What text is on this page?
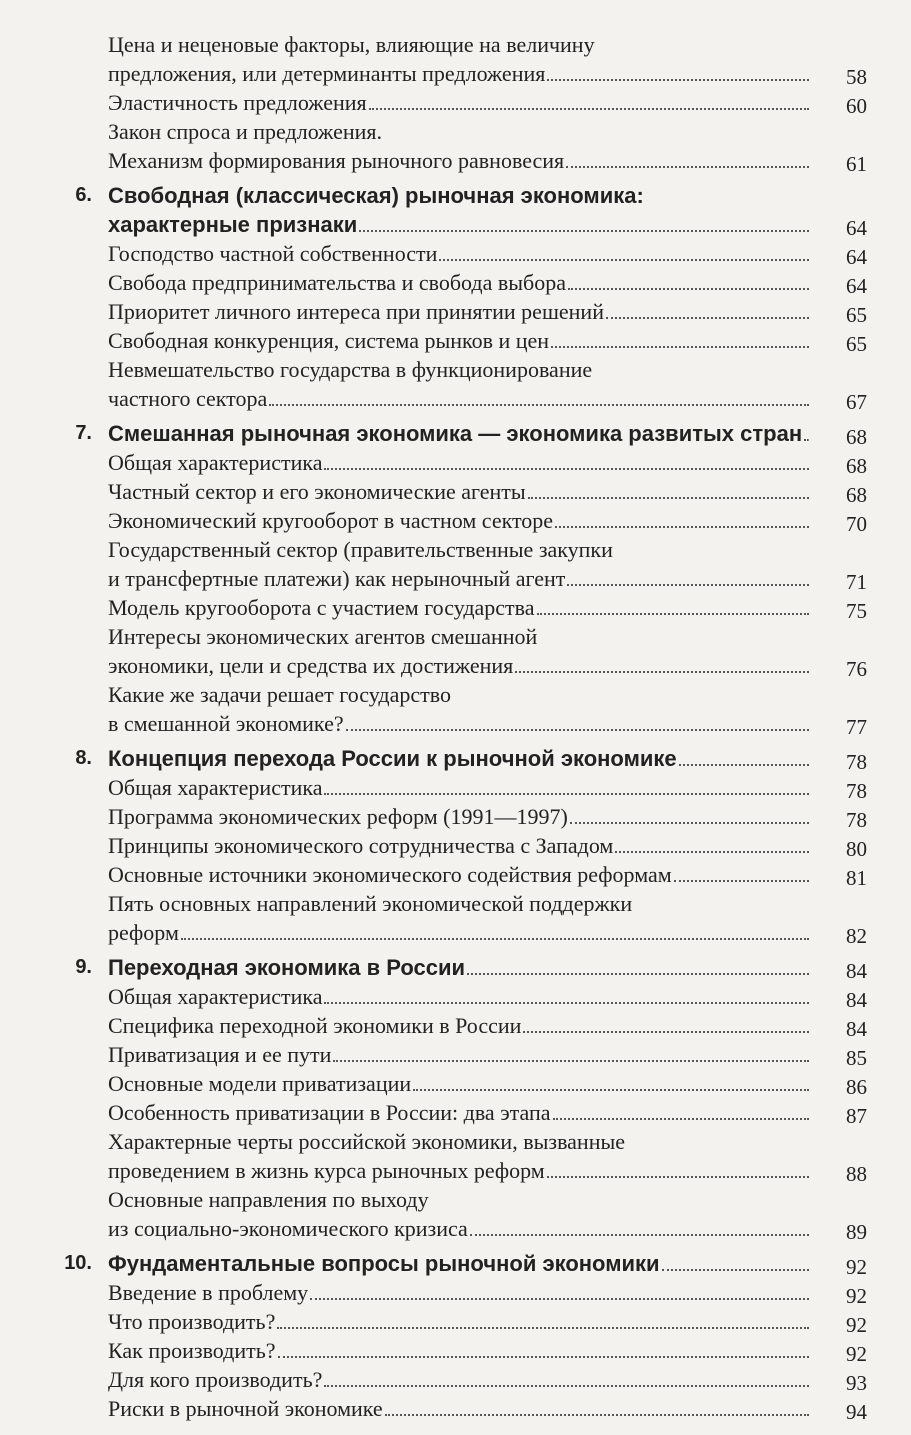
Цена и неценовые факторы, влияющие на величину
предложения, или детерминанты предложения	58
Эластичность предложения	60
Закон спроса и предложения.
Механизм формирования рыночного равновесия	61
6. Свободная (классическая) рыночная экономика:
характерные признаки	64
Господство частной собственности	64
Свобода предпринимательства и свобода выбора	64
Приоритет личного интереса при принятии решений	65
Свободная конкуренция, система рынков и цен	65
Невмешательство государства в функционирование
частного сектора	67
7. Смешанная рыночная экономика — экономика развитых стран	68
Общая характеристика	68
Частный сектор и его экономические агенты	68
Экономический кругооборот в частном секторе	70
Государственный сектор (правительственные закупки
и трансфертные платежи) как нерыночный агент	71
Модель кругооборота с участием государства	75
Интересы экономических агентов смешанной
экономики, цели и средства их достижения	76
Какие же задачи решает государство
в смешанной экономике?	77
8. Концепция перехода России к рыночной экономике	78
Общая характеристика	78
Программа экономических реформ (1991—1997)	78
Принципы экономического сотрудничества с Западом	80
Основные источники экономического содействия реформам	81
Пять основных направлений экономической поддержки
реформ	82
9. Переходная экономика в России	84
Общая характеристика	84
Специфика переходной экономики в России	84
Приватизация и ее пути	85
Основные модели приватизации	86
Особенность приватизации в России: два этапа	87
Характерные черты российской экономики, вызванные
проведением в жизнь курса рыночных реформ	88
Основные направления по выходу
из социально-экономического кризиса	89
10. Фундаментальные вопросы рыночной экономики	92
Введение в проблему	92
Что производить?	92
Как производить?	92
Для кого производить?	93
Риски в рыночной экономике	94
